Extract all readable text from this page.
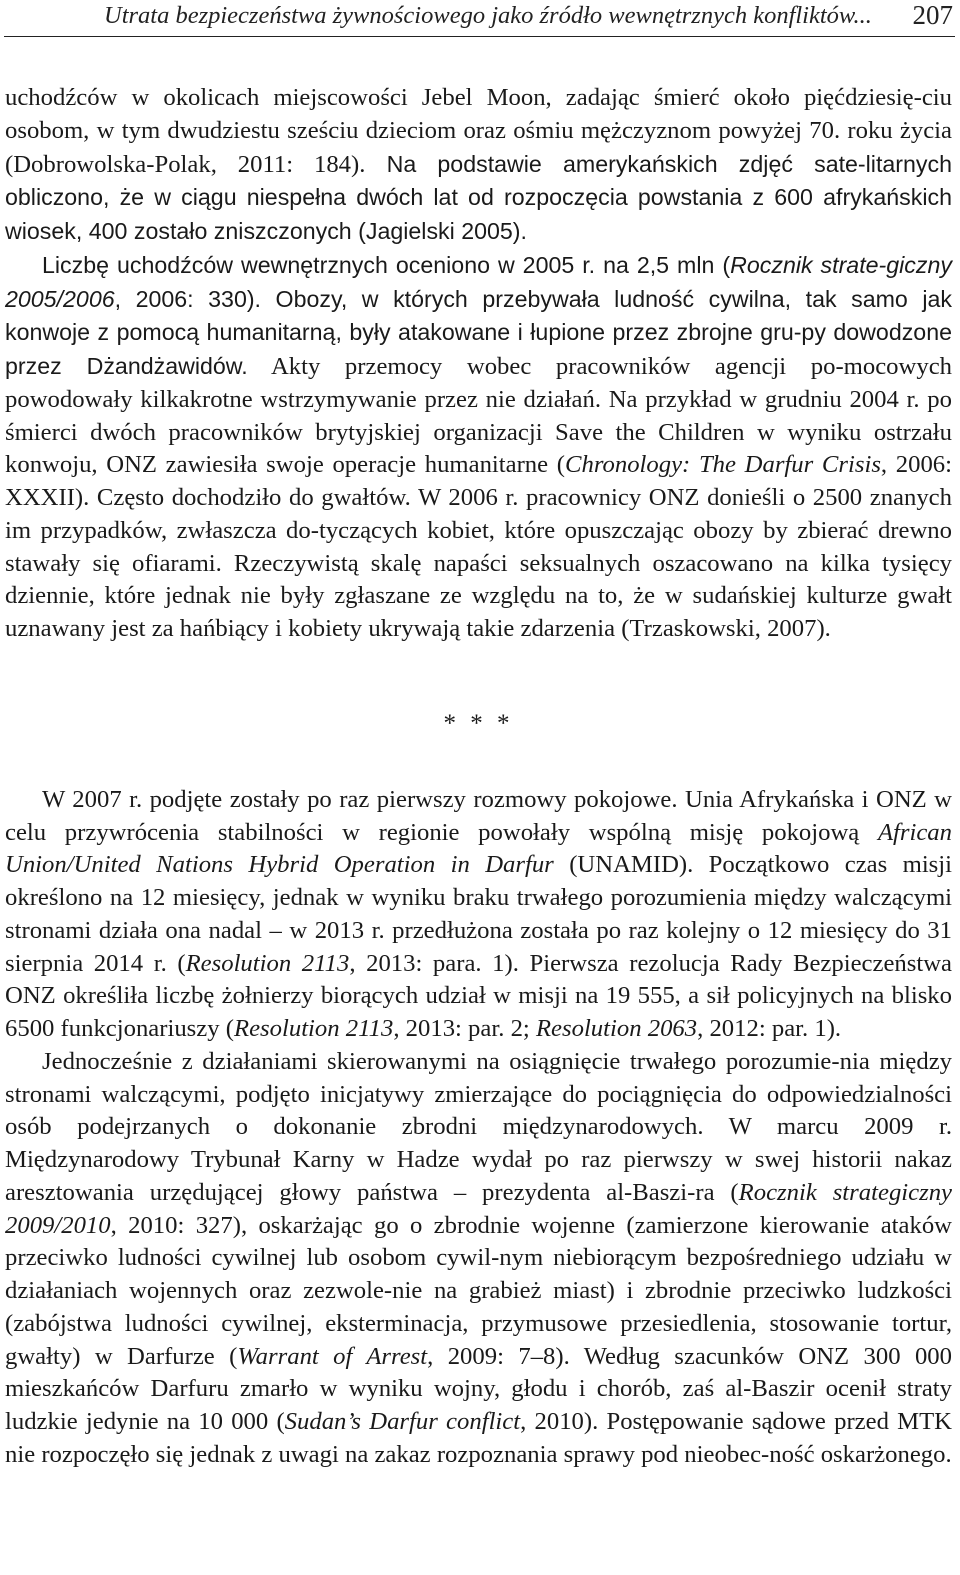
Utrata bezpieczeństwa żywnościowego jako źródło wewnętrznych konfliktów... 207

uchodźców w okolicach miejscowości Jebel Moon, zadając śmierć około pięćdziesię-ciu osobom, w tym dwudziestu sześciu dzieciom oraz ośmiu mężczyznom powyżej 70. roku życia (Dobrowolska-Polak, 2011: 184). Na podstawie amerykańskich zdjęć sate-litarnych obliczono, że w ciągu niespełna dwóch lat od rozpoczęcia powstania z 600 afrykańskich wiosek, 400 zostało zniszczonych (Jagielski 2005).

Liczbę uchodźców wewnętrznych oceniono w 2005 r. na 2,5 mln (Rocznik strate-giczny 2005/2006, 2006: 330). Obozy, w których przebywała ludność cywilna, tak samo jak konwoje z pomocą humanitarną, były atakowane i łupione przez zbrojne gru-py dowodzone przez Dżandżawidów. Akty przemocy wobec pracowników agencji po-mocowych powodowały kilkakrotne wstrzymywanie przez nie działań. Na przykład w grudniu 2004 r. po śmierci dwóch pracowników brytyjskiej organizacji Save the Children w wyniku ostrzału konwoju, ONZ zawiesiła swoje operacje humanitarne (Chronology: The Darfur Crisis, 2006: XXXII). Często dochodziło do gwałtów. W 2006 r. pracownicy ONZ donieśli o 2500 znanych im przypadków, zwłaszcza do-tyczących kobiet, które opuszczając obozy by zbierać drewno stawały się ofiarami. Rzeczywistą skalę napaści seksualnych oszacowano na kilka tysięcy dziennie, które jednak nie były zgłaszane ze względu na to, że w sudańskiej kulturze gwałt uznawany jest za hańbiący i kobiety ukrywają takie zdarzenia (Trzaskowski, 2007).

* * *

W 2007 r. podjęte zostały po raz pierwszy rozmowy pokojowe. Unia Afrykańska i ONZ w celu przywrócenia stabilności w regionie powołały wspólną misję pokojową African Union/United Nations Hybrid Operation in Darfur (UNAMID). Początkowo czas misji określono na 12 miesięcy, jednak w wyniku braku trwałego porozumienia między walczącymi stronami działa ona nadal – w 2013 r. przedłużona została po raz kolejny o 12 miesięcy do 31 sierpnia 2014 r. (Resolution 2113, 2013: para. 1). Pierwsza rezolucja Rady Bezpieczeństwa ONZ określiła liczbę żołnierzy biorących udział w misji na 19 555, a sił policyjnych na blisko 6500 funkcjonariuszy (Resolution 2113, 2013: par. 2; Resolution 2063, 2012: par. 1).

Jednocześnie z działaniami skierowanymi na osiągnięcie trwałego porozumie-nia między stronami walczącymi, podjęto inicjatywy zmierzające do pociągnięcia do odpowiedzialności osób podejrzanych o dokonanie zbrodni międzynarodowych. W marcu 2009 r. Międzynarodowy Trybunał Karny w Hadze wydał po raz pierwszy w swej historii nakaz aresztowania urzędującej głowy państwa – prezydenta al-Baszi-ra (Rocznik strategiczny 2009/2010, 2010: 327), oskarżając go o zbrodnie wojenne (zamierzone kierowanie ataków przeciwko ludności cywilnej lub osobom cywil-nym niebiorącym bezpośredniego udziału w działaniach wojennych oraz zezwole-nie na grabież miast) i zbrodnie przeciwko ludzkości (zabójstwa ludności cywilnej, eksterminacja, przymusowe przesiedlenia, stosowanie tortur, gwałty) w Darfurze (Warrant of Arrest, 2009: 7–8). Według szacunków ONZ 300 000 mieszkańców Darfuru zmarło w wyniku wojny, głodu i chorób, zaś al-Baszir ocenił straty ludzkie jedynie na 10 000 (Sudan’s Darfur conflict, 2010). Postępowanie sądowe przed MTK nie rozpoczęło się jednak z uwagi na zakaz rozpoznania sprawy pod nieobec-ność oskarżonego.
